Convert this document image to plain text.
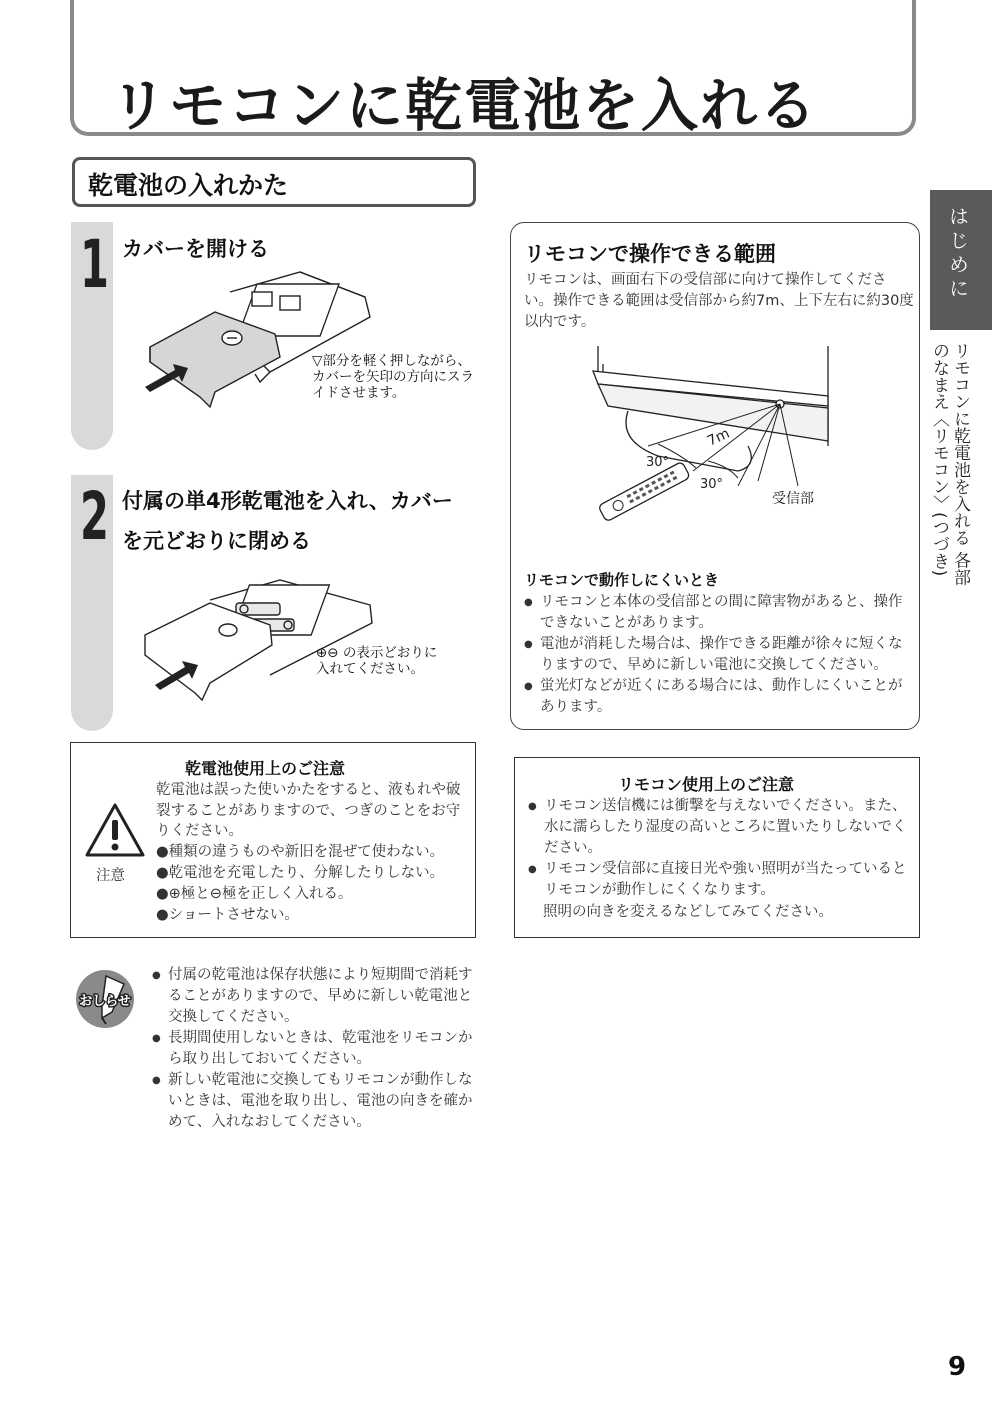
リモコンに乾電池を入れる
乾電池の入れかた
1 カバーを開ける
▽部分を軽く押しながら、
カバーを矢印の方向にスラ
イドさせます。
2 付属の単4形乾電池を入れ、カバー
を元どおりに閉める
⊕⊖ の表示どおりに
入れてください。
リモコンで操作できる範囲
リモコンは、画面右下の受信部に向けて操作してください。操作できる範囲は受信部から約7m、上下左右に約30度以内です。
7m
30°
30°
受信部
リモコンで動作しにくいとき
● リモコンと本体の受信部との間に障害物があると、操作できないことがあります。
● 電池が消耗した場合は、操作できる距離が徐々に短くなりますので、早めに新しい電池に交換してください。
● 蛍光灯などが近くにある場合には、動作しにくいことがあります。
乾電池使用上のご注意
乾電池は誤った使いかたをすると、液もれや破裂することがありますので、つぎのことをお守りください。
●種類の違うものや新旧を混ぜて使わない。
●乾電池を充電したり、分解したりしない。
●⊕極と⊖極を正しく入れる。
●ショートさせない。
注意
リモコン使用上のご注意
● リモコン送信機には衝撃を与えないでください。また、水に濡らしたり湿度の高いところに置いたりしないでください。
● リモコン受信部に直接日光や強い照明が当たっているとリモコンが動作しにくくなります。
照明の向きを変えるなどしてみてください。
おしらせ
● 付属の乾電池は保存状態により短期間で消耗することがありますので、早めに新しい乾電池と交換してください。
● 長期間使用しないときは、乾電池をリモコンから取り出しておいてください。
● 新しい乾電池に交換してもリモコンが動作しないときは、電池を取り出し、電池の向きを確かめて、入れなおしてください。
はじめに
リモコンに乾電池を入れる 各部のなまえ〈リモコン〉(つづき)
9
